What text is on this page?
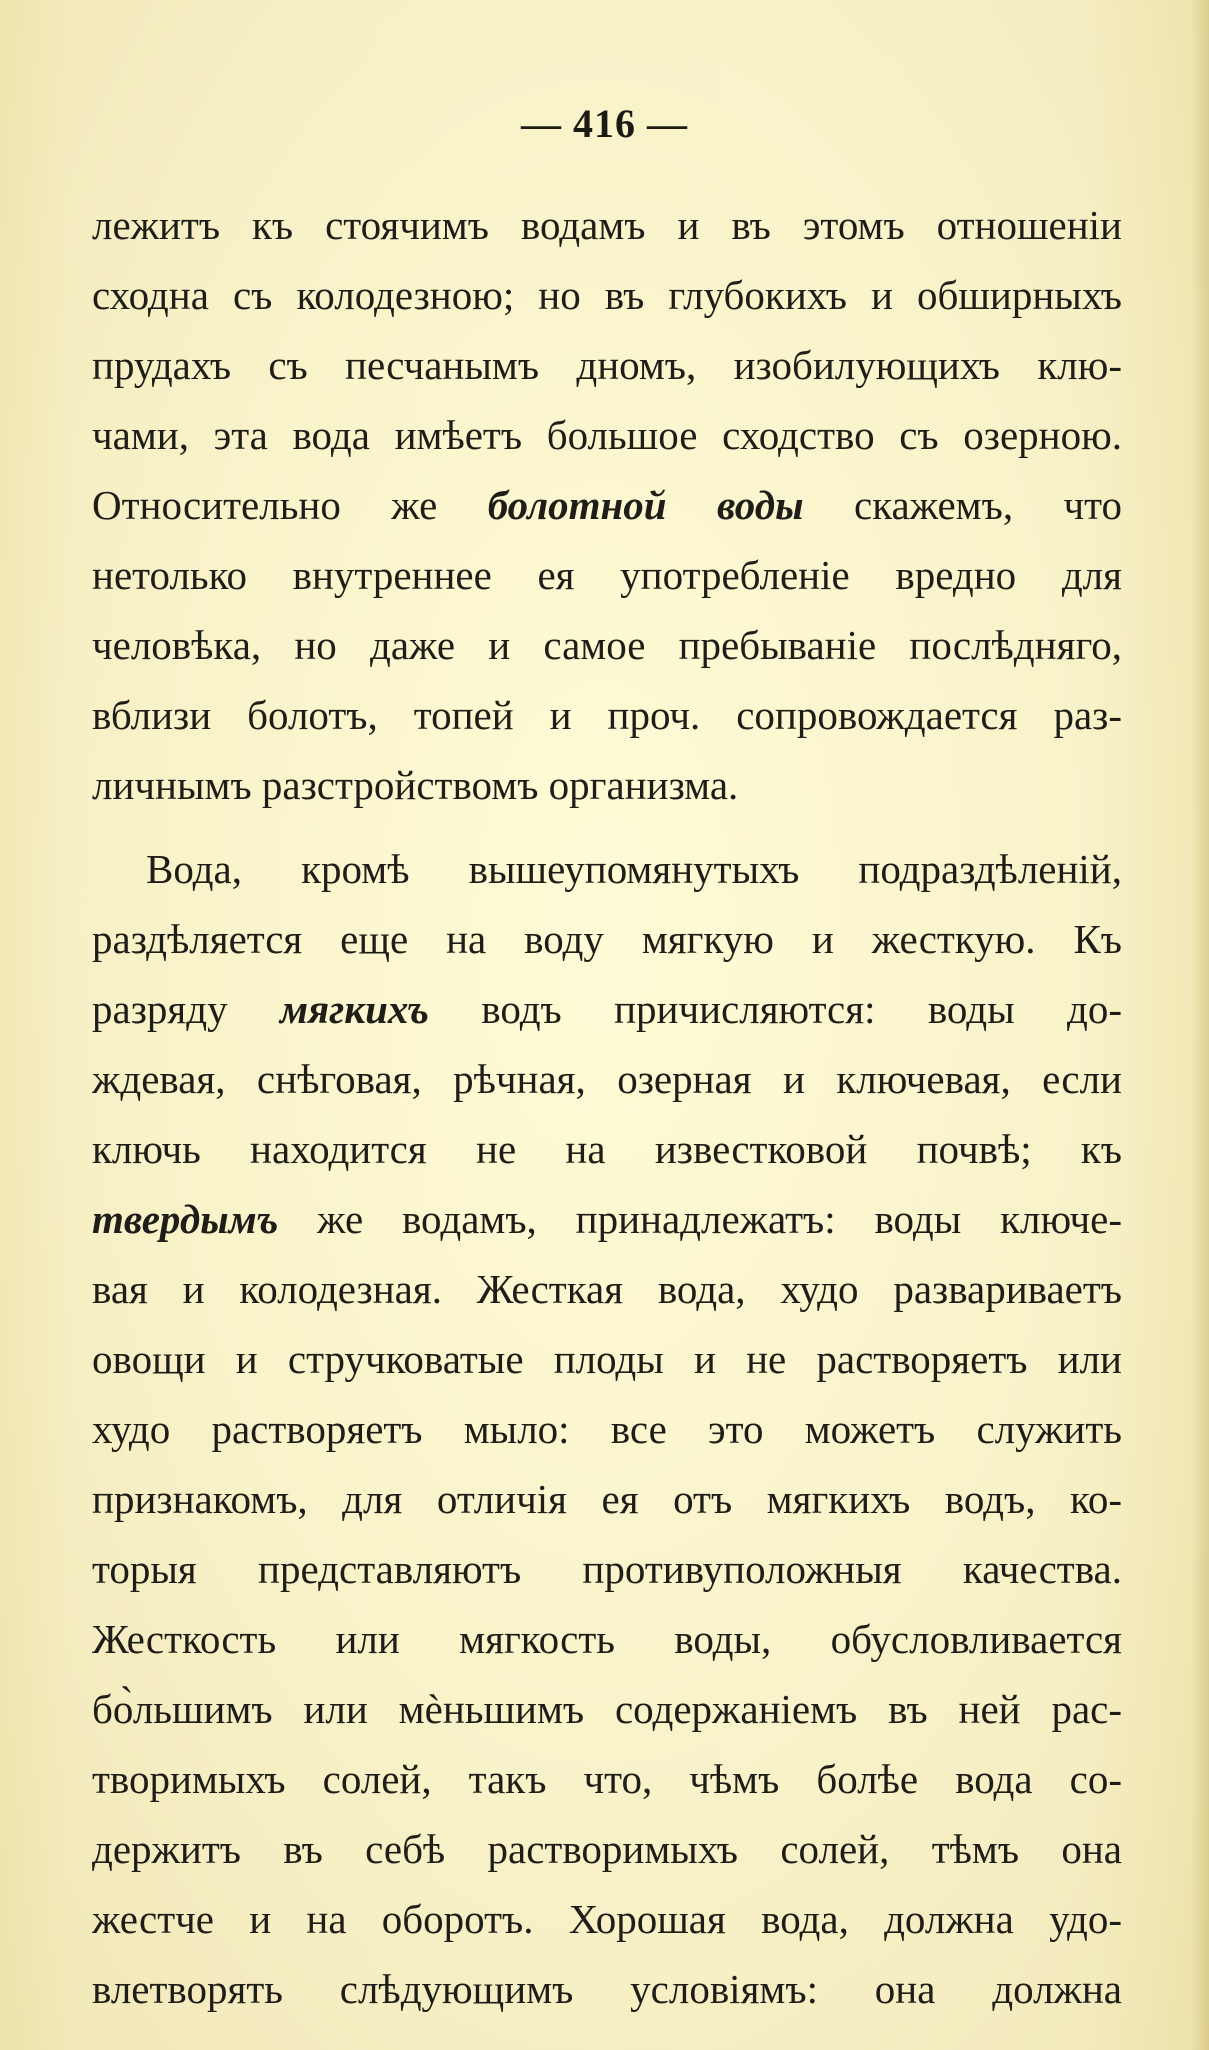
— 416 —
лежитъ къ стоячимъ водамъ и въ этомъ отношеніи
сходна съ колодезною; но въ глубокихъ и обширныхъ
прудахъ съ песчанымъ дномъ, изобилующихъ клю-
чами, эта вода имѣетъ большое сходство съ озерною.
Относительно же болотной воды скажемъ, что
нетолько внутреннее ея употребленіе вредно для
человѣка, но даже и самое пребываніе послѣдняго,
вблизи болотъ, топей и проч. сопровождается раз-
личнымъ разстройствомъ организма.
Вода, кромѣ вышеупомянутыхъ подраздѣленій,
раздѣляется еще на воду мягкую и жесткую. Къ
разряду мягкихъ водъ причисляются: воды до-
ждевая, снѣговая, рѣчная, озерная и ключевая, если
ключь находится не на известковой почвѣ; къ
твердымъ же водамъ, принадлежатъ: воды ключе-
вая и колодезная. Жесткая вода, худо развариваетъ
овощи и стручковатые плоды и не растворяетъ или
худо растворяетъ мыло: все это можетъ служить
признакомъ, для отличія ея отъ мягкихъ водъ, ко-
торыя представляютъ противуположныя качества.
Жесткость или мягкость воды, обусловливается
бо̀льшимъ или мѐньшимъ содержаніемъ въ ней рас-
творимыхъ солей, такъ что, чѣмъ болѣе вода со-
держитъ въ себѣ растворимыхъ солей, тѣмъ она
жестче и на оборотъ. Хорошая вода, должна удо-
влетворять слѣдующимъ условіямъ: она должна
